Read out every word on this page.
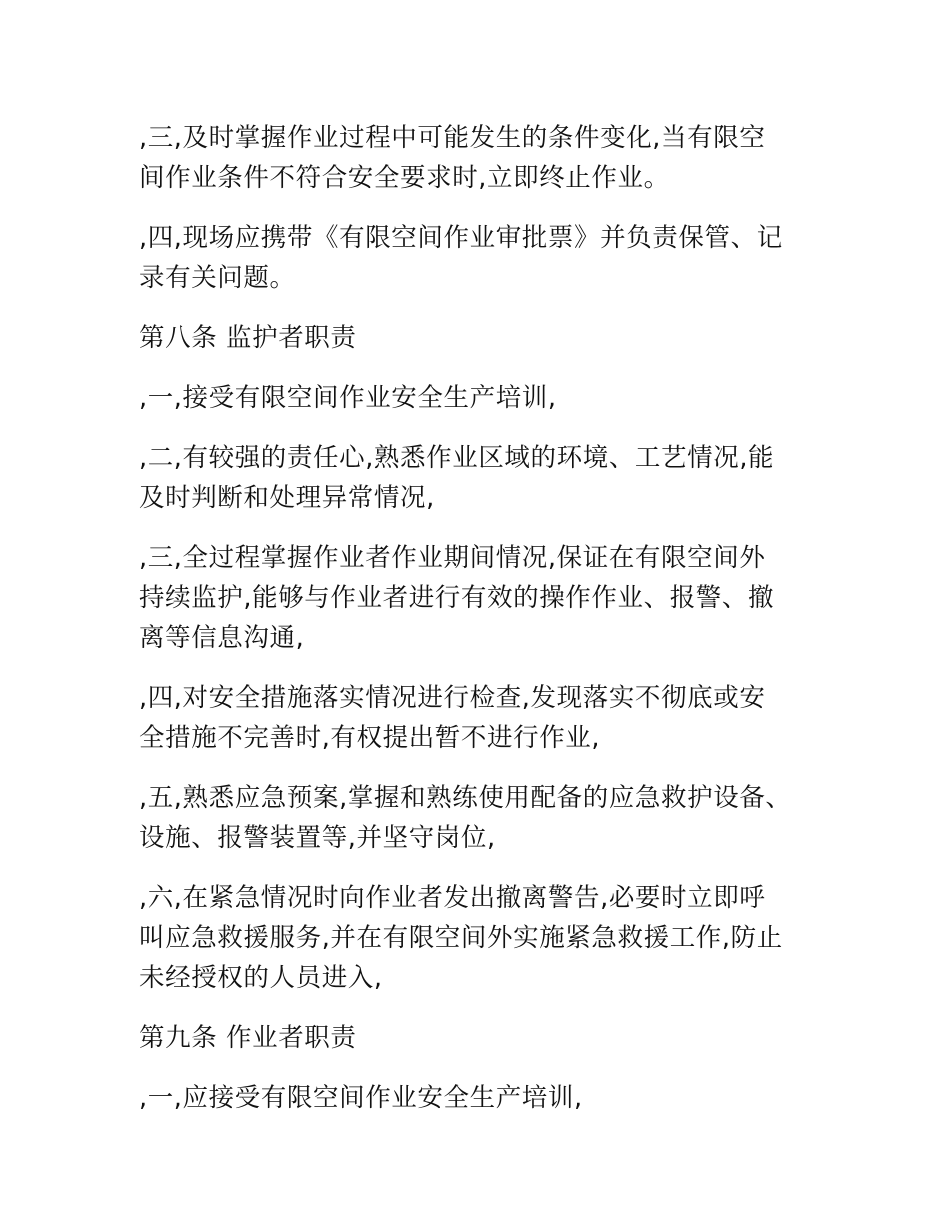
,三,及时掌握作业过程中可能发生的条件变化,当有限空
间作业条件不符合安全要求时,立即终止作业。

,四,现场应携带《有限空间作业审批票》并负责保管、记
录有关问题。

第八条 监护者职责

,一,接受有限空间作业安全生产培训,

,二,有较强的责任心,熟悉作业区域的环境、工艺情况,能
及时判断和处理异常情况,

,三,全过程掌握作业者作业期间情况,保证在有限空间外
持续监护,能够与作业者进行有效的操作作业、报警、撤
离等信息沟通,

,四,对安全措施落实情况进行检查,发现落实不彻底或安
全措施不完善时,有权提出暂不进行作业,

,五,熟悉应急预案,掌握和熟练使用配备的应急救护设备、
设施、报警装置等,并坚守岗位,

,六,在紧急情况时向作业者发出撤离警告,必要时立即呼
叫应急救援服务,并在有限空间外实施紧急救援工作,防止
未经授权的人员进入,

第九条 作业者职责

,一,应接受有限空间作业安全生产培训,
